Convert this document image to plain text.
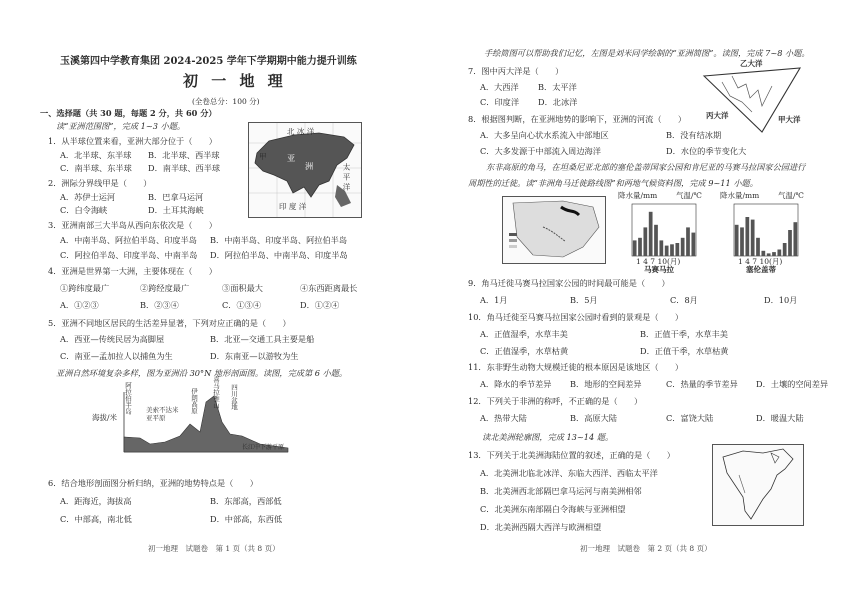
玉溪第四中学教育集团 2024-2025 学年下学期期中能力提升训练
初 一 地 理
(全卷总分：100 分)
一、选择题（共 30 题，每题 2 分，共 60 分）
读“亚洲范围图”，完成 1~3 小题。
1．从半球位置来看，亚洲大部分位于（　　）
A．北半球、东半球 B．北半球、西半球
C．南半球、东半球 D．南半球、西半球
2．洲际分界线甲是（　　）
A．苏伊士运河	B．巴拿马运河
C．白令海峡	D．土耳其海峡
北 冰 洋
亚
洲	太 平 洋
印 度 洋
甲
3．亚洲南部三大半岛从西向东依次是（　　）
A．中南半岛、阿拉伯半岛、印度半岛 B．中南半岛、印度半岛、阿拉伯半岛
C．阿拉伯半岛、印度半岛、中南半岛 D．阿拉伯半岛、中南半岛、印度半岛
4．亚洲是世界第一大洲，主要体现在（　　）
①跨纬度最广	②跨经度最广	③面积最大	④东西距离最长
A．①②③	B．②③④	C．①③④	D．①②④
5．亚洲不同地区居民的生活差异显著，下列对应正确的是（　　）
A．西亚—传统民居为高脚屋	B．北亚—交通工具主要是船
C．南亚—孟加拉人以捕鱼为生	D．东南亚—以游牧为生
亚洲自然环境复杂多样，图为亚洲沿 30°N 地形剖面图。读图，完成第 6 小题。
海拔/米
阿拉伯半岛 美索不达米亚平原
伊朗高原	喜马拉雅山	四川盆地
长江中下游平原
6．结合地形剖面图分析归纳，亚洲的地势特点是（　　）
A．距海近，海拔高	B．东部高，西部低
C．中部高，南北低	D．中部高，东西低
初一地理　试题卷　第 1 页（共 8 页）
手绘简图可以帮助我们记忆，左图是刘米同学绘制的“亚洲简图”。读图，完成 7~8 小题。
7．图中丙大洋是（　　）
A．大西洋 B．太平洋
C．印度洋 D．北冰洋
乙大洋
丙大洋	甲大洋
8．根据图判断，在亚洲地势的影响下，亚洲的河流（　　）
A．大多呈向心状水系流入中部地区	B．没有结冰期
C．大多发源于中部流入周边海洋	D．水位的季节变化大
东非高原的角马，在坦桑尼亚北部的塞伦盖蒂国家公园和肯尼亚的马赛马拉国家公园进行
周期性的迁徙。读“非洲角马迁徙路线图”和两地气候资料图，完成 9~11 小题。
降水量/mm 气温/℃
1 4 7 10(月)
马赛马拉
降水量/mm 气温/℃
1 4 7 10(月)
塞伦盖蒂
9．角马迁徙马赛马拉国家公园的时间最可能是（　　）
A．1月	B．5月	C．8月	D．10月
10．角马迁徙至马赛马拉国家公园时看到的景观是（　　）
A．正值湿季，水草丰美	B．正值干季，水草丰美
C．正值湿季，水草枯黄	D．正值干季，水草枯黄
11．东非野生动物大规模迁徙的根本原因是该地区（　　）
A．降水的季节差异 B．地形的空间差异	C．热量的季节差异 D．土壤的空间差异
12．下列关于非洲的称呼，不正确的是（　　）
A．热带大陆	B．高原大陆	C．富饶大陆	D．暖温大陆
读北美洲轮廓图，完成 13~14 题。
13．下列关于北美洲海陆位置的叙述，正确的是（　　）
A．北美洲北临北冰洋、东临大西洋、西临太平洋
B．北美洲西北部隔巴拿马运河与南美洲相邻
C．北美洲东南部隔白令海峡与亚洲相望
D．北美洲西隔大西洋与欧洲相望
初一地理　试题卷　第 2 页（共 8 页）
